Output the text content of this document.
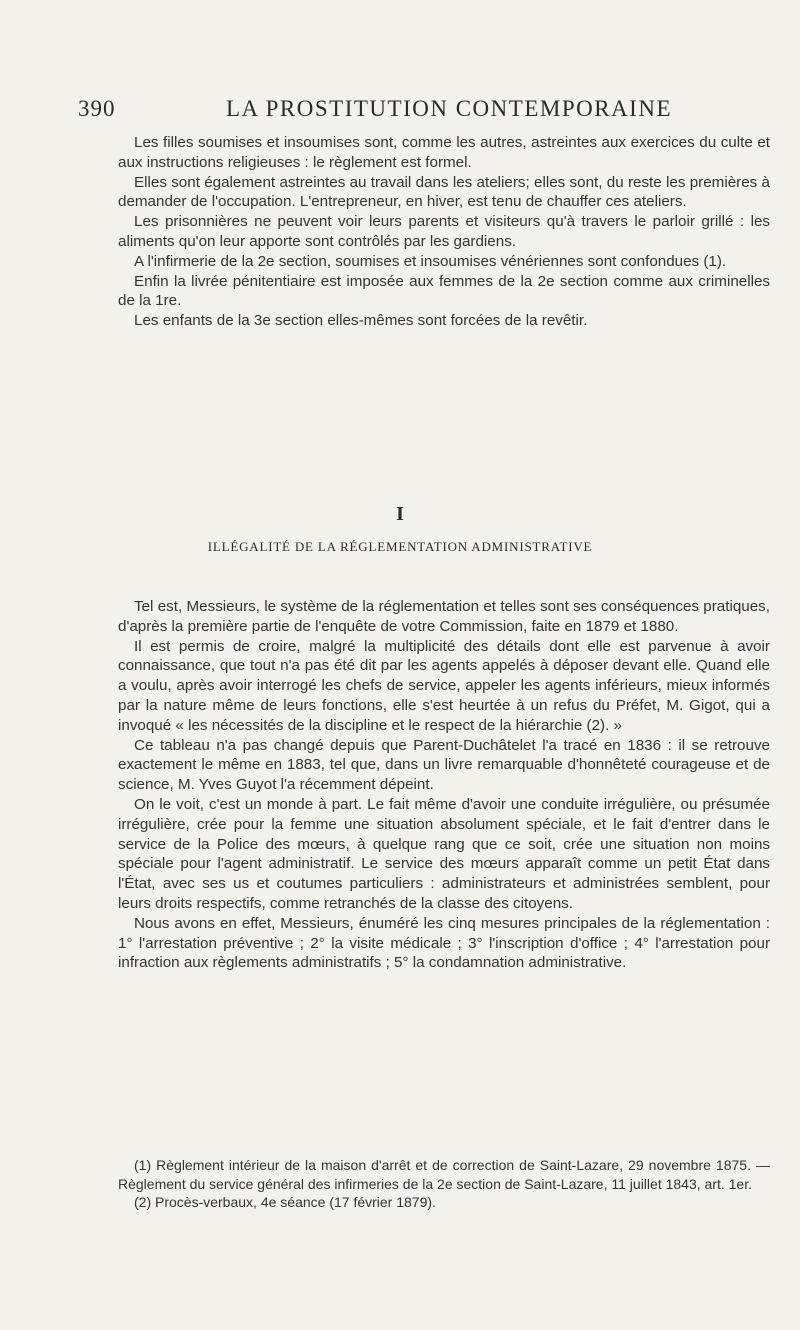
390	LA PROSTITUTION CONTEMPORAINE

Les filles soumises et insoumises sont, comme les autres, astreintes aux exercices du culte et aux instructions religieuses : le règlement est formel.

Elles sont également astreintes au travail dans les ateliers; elles sont, du reste les premières à demander de l'occupation. L'entrepreneur, en hiver, est tenu de chauffer ces ateliers.

Les prisonnières ne peuvent voir leurs parents et visiteurs qu'à travers le parloir grillé : les aliments qu'on leur apporte sont contrôlés par les gardiens.

A l'infirmerie de la 2e section, soumises et insoumises vénériennes sont confondues (1).

Enfin la livrée pénitentiaire est imposée aux femmes de la 2e section comme aux criminelles de la 1re.

Les enfants de la 3e section elles-mêmes sont forcées de la revêtir.

I
ILLÉGALITÉ DE LA RÉGLEMENTATION ADMINISTRATIVE

Tel est, Messieurs, le système de la réglementation et telles sont ses conséquences pratiques, d'après la première partie de l'enquête de votre Commission, faite en 1879 et 1880.

Il est permis de croire, malgré la multiplicité des détails dont elle est parvenue à avoir connaissance, que tout n'a pas été dit par les agents appelés à déposer devant elle. Quand elle a voulu, après avoir interrogé les chefs de service, appeler les agents inférieurs, mieux informés par la nature même de leurs fonctions, elle s'est heurtée à un refus du Préfet, M. Gigot, qui a invoqué « les nécessités de la discipline et le respect de la hiérarchie (2). »

Ce tableau n'a pas changé depuis que Parent-Duchâtelet l'a tracé en 1836 : il se retrouve exactement le même en 1883, tel que, dans un livre remarquable d'honnêteté courageuse et de science, M. Yves Guyot l'a récemment dépeint.

On le voit, c'est un monde à part. Le fait même d'avoir une conduite irrégulière, ou présumée irrégulière, crée pour la femme une situation absolument spéciale, et le fait d'entrer dans le service de la Police des mœurs, à quelque rang que ce soit, crée une situation non moins spéciale pour l'agent administratif. Le service des mœurs apparaît comme un petit État dans l'État, avec ses us et coutumes particuliers : administrateurs et administrées semblent, pour leurs droits respectifs, comme retranchés de la classe des citoyens.

Nous avons en effet, Messieurs, énuméré les cinq mesures principales de la réglementation : 1° l'arrestation préventive ; 2° la visite médicale ; 3° l'inscription d'office ; 4° l'arrestation pour infraction aux règlements administratifs ; 5° la condamnation administrative.

(1) Règlement intérieur de la maison d'arrêt et de correction de Saint-Lazare, 29 novembre 1875. — Règlement du service général des infirmeries de la 2e section de Saint-Lazare, 11 juillet 1843, art. 1er.

(2) Procès-verbaux, 4e séance (17 février 1879).
